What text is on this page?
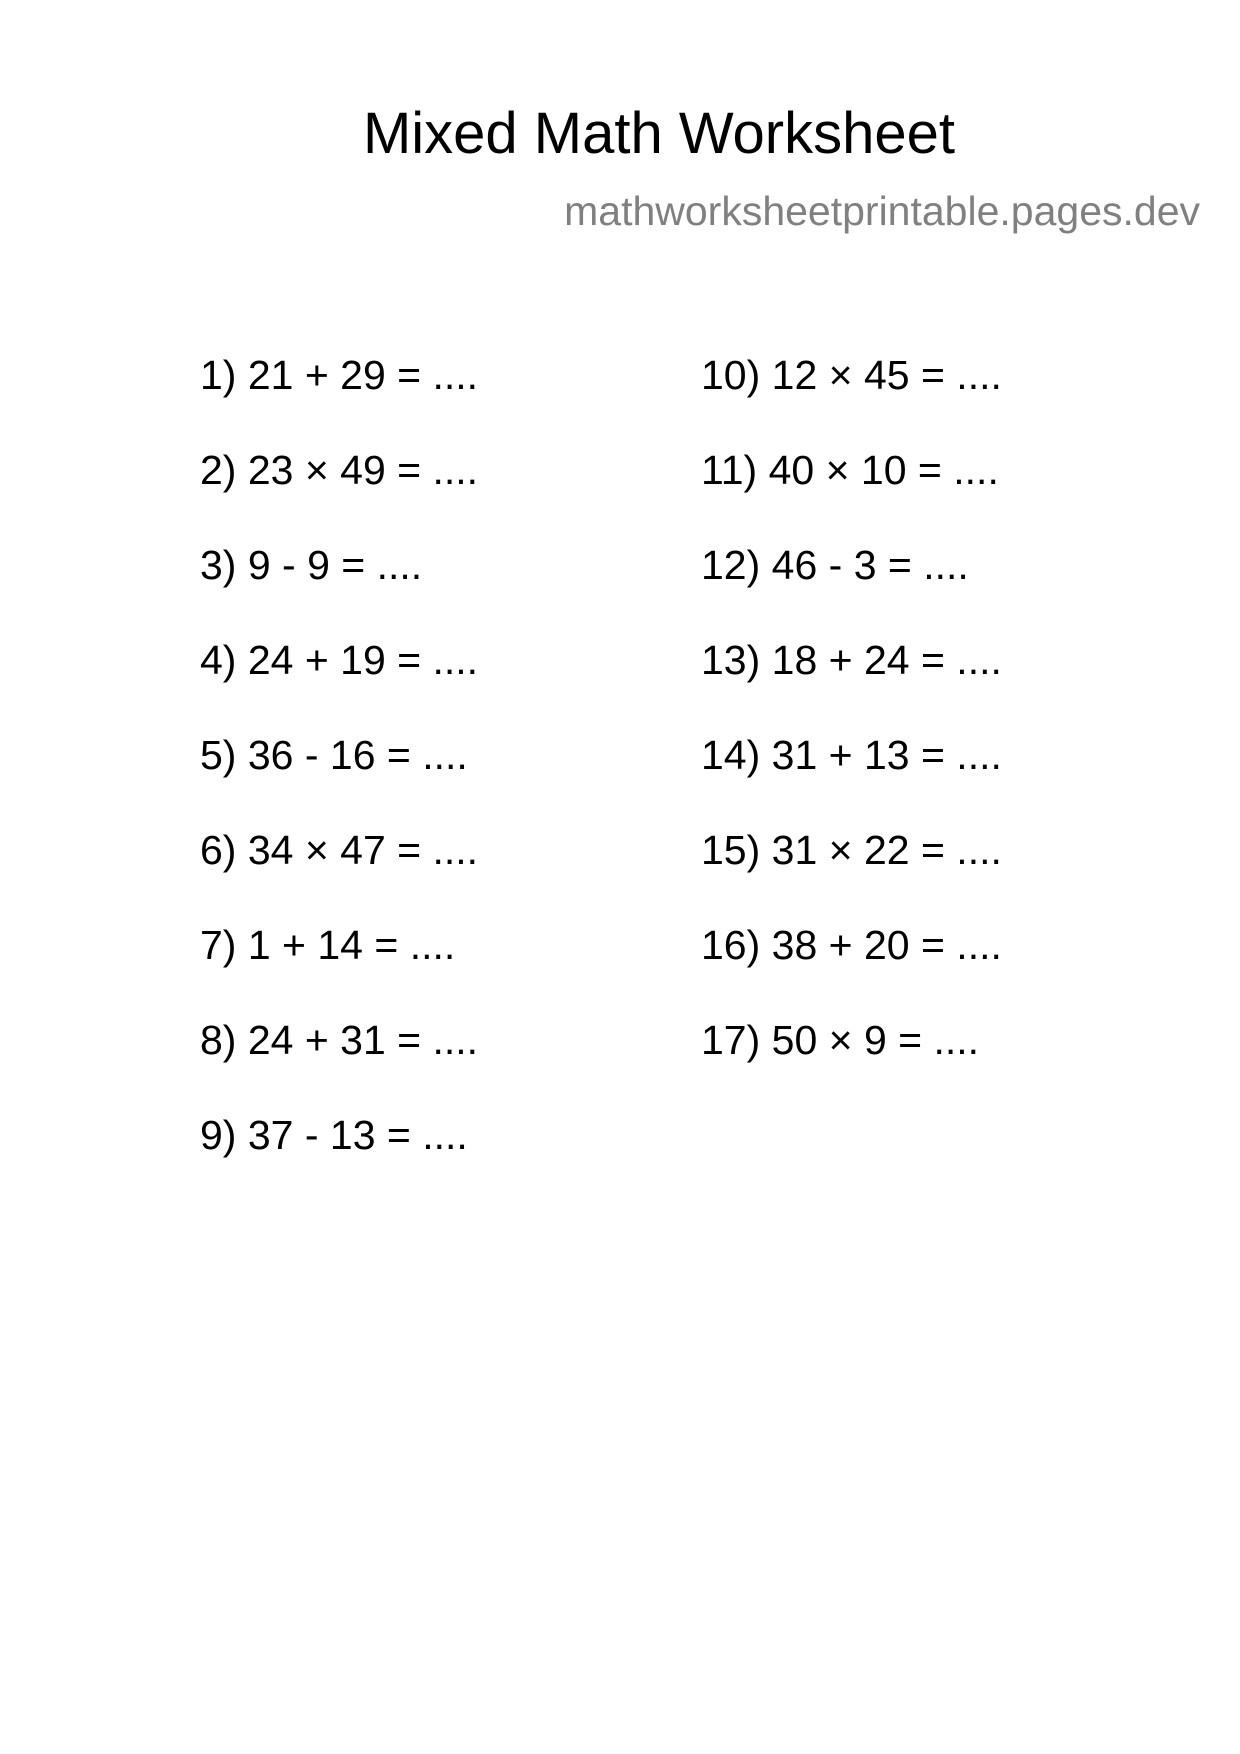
Mixed Math Worksheet
mathworksheetprintable.pages.dev
1) 21 + 29 = ....
2) 23 × 49 = ....
3) 9 - 9 = ....
4) 24 + 19 = ....
5) 36 - 16 = ....
6) 34 × 47 = ....
7) 1 + 14 = ....
8) 24 + 31 = ....
9) 37 - 13 = ....
10) 12 × 45 = ....
11) 40 × 10 = ....
12) 46 - 3 = ....
13) 18 + 24 = ....
14) 31 + 13 = ....
15) 31 × 22 = ....
16) 38 + 20 = ....
17) 50 × 9 = ....
